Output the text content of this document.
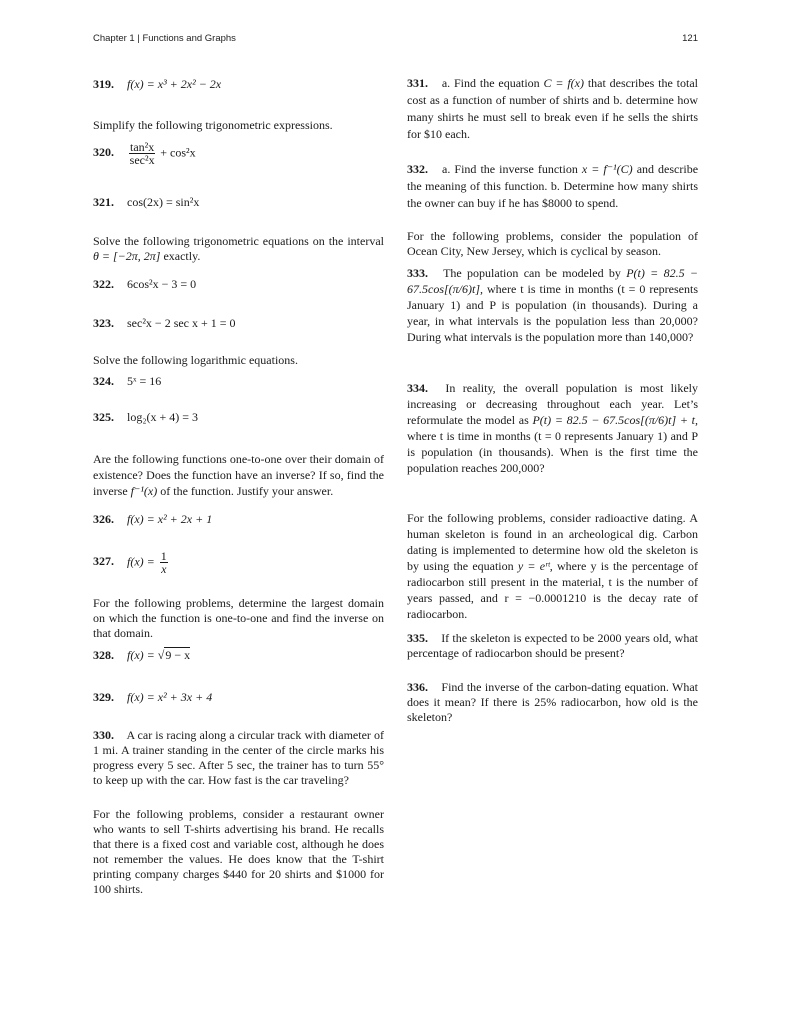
Chapter 1 | Functions and Graphs	121
319. f(x) = x³ + 2x² − 2x
Simplify the following trigonometric expressions.
320. $\frac{\text{tan²x}}{\text{sec²x}} + \cos^2x$
321. cos(2x) = sin²x
Solve the following trigonometric equations on the interval θ = [−2π, 2π] exactly.
322. 6cos²x − 3 = 0
323. sec²x − 2 sec x + 1 = 0
Solve the following logarithmic equations.
324. 5ˣ = 16
325. log₂(x + 4) = 3
Are the following functions one-to-one over their domain of existence? Does the function have an inverse? If so, find the inverse f⁻¹(x) of the function. Justify your answer.
326. f(x) = x² + 2x + 1
327. $f(x) = \frac{1}{x}$
For the following problems, determine the largest domain on which the function is one-to-one and find the inverse on that domain.
328. f(x) = √9 − x
329. f(x) = x² + 3x + 4
330. A car is racing along a circular track with diameter of 1 mi. A trainer standing in the center of the circle marks his progress every 5 sec. After 5 sec, the trainer has to turn 55° to keep up with the car. How fast is the car traveling?
For the following problems, consider a restaurant owner who wants to sell T-shirts advertising his brand. He recalls that there is a fixed cost and variable cost, although he does not remember the values. He does know that the T-shirt printing company charges $440 for 20 shirts and $1000 for 100 shirts.
331. a. Find the equation C = f(x) that describes the total cost as a function of number of shirts and b. determine how many shirts he must sell to break even if he sells the shirts for $10 each.
332. a. Find the inverse function x = f⁻¹(C) and describe the meaning of this function. b. Determine how many shirts the owner can buy if he has $8000 to spend.
For the following problems, consider the population of Ocean City, New Jersey, which is cyclical by season.
333. The population can be modeled by P(t) = 82.5 − 67.5cos[(π/6)t], where t is time in months (t = 0 represents January 1) and P is population (in thousands). During a year, in what intervals is the population less than 20,000? During what intervals is the population more than 140,000?
334. In reality, the overall population is most likely increasing or decreasing throughout each year. Let’s reformulate the model as P(t) = 82.5 − 67.5cos[(π/6)t] + t, where t is time in months (t = 0 represents January 1) and P is population (in thousands). When is the first time the population reaches 200,000?
For the following problems, consider radioactive dating. A human skeleton is found in an archeological dig. Carbon dating is implemented to determine how old the skeleton is by using the equation y = eʳᵗ, where y is the percentage of radiocarbon still present in the material, t is the number of years passed, and r = −0.0001210 is the decay rate of radiocarbon.
335. If the skeleton is expected to be 2000 years old, what percentage of radiocarbon should be present?
336. Find the inverse of the carbon-dating equation. What does it mean? If there is 25% radiocarbon, how old is the skeleton?
